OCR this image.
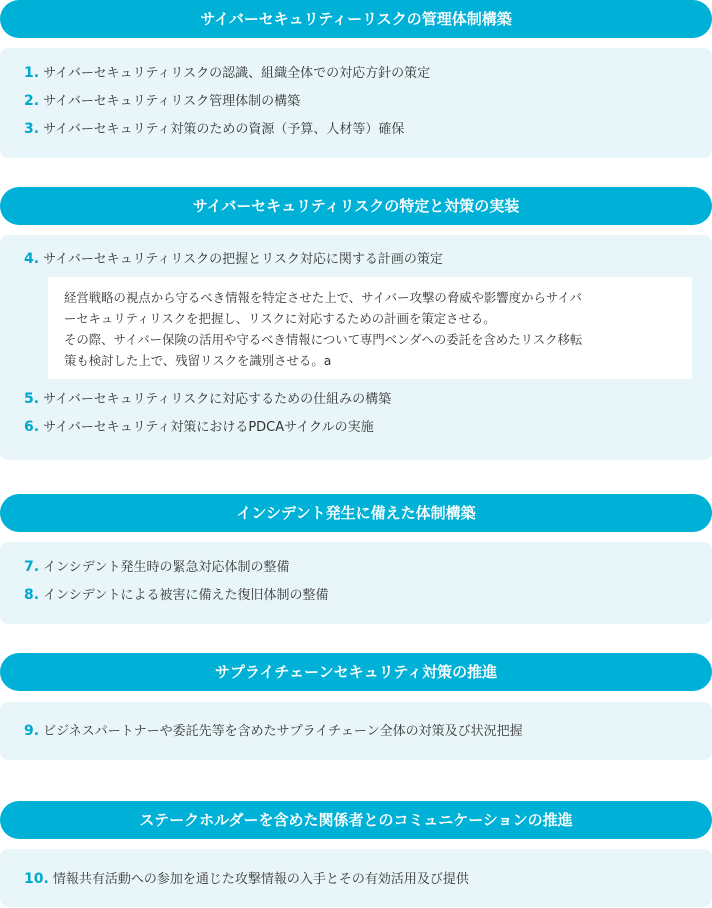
サイバーセキュリティーリスクの管理体制構築
1. サイバーセキュリティリスクの認識、組織全体での対応方針の策定
2. サイバーセキュリティリスク管理体制の構築
3. サイバーセキュリティ対策のための資源（予算、人材等）確保
サイバーセキュリティリスクの特定と対策の実装
4. サイバーセキュリティリスクの把握とリスク対応に関する計画の策定
経営戦略の視点から守るべき情報を特定させた上で、サイバー攻撃の脅威や影響度からサイバ
ーセキュリティリスクを把握し、リスクに対応するための計画を策定させる。
その際、サイバー保険の活用や守るべき情報について専門ベンダへの委託を含めたリスク移転
策も検討した上で、残留リスクを識別させる。a
5. サイバーセキュリティリスクに対応するための仕組みの構築
6. サイバーセキュリティ対策におけるPDCAサイクルの実施
インシデント発生に備えた体制構築
7. インシデント発生時の緊急対応体制の整備
8. インシデントによる被害に備えた復旧体制の整備
サプライチェーンセキュリティ対策の推進
9. ビジネスパートナーや委託先等を含めたサプライチェーン全体の対策及び状況把握
ステークホルダーを含めた関係者とのコミュニケーションの推進
10. 情報共有活動への参加を通じた攻撃情報の入手とその有効活用及び提供
